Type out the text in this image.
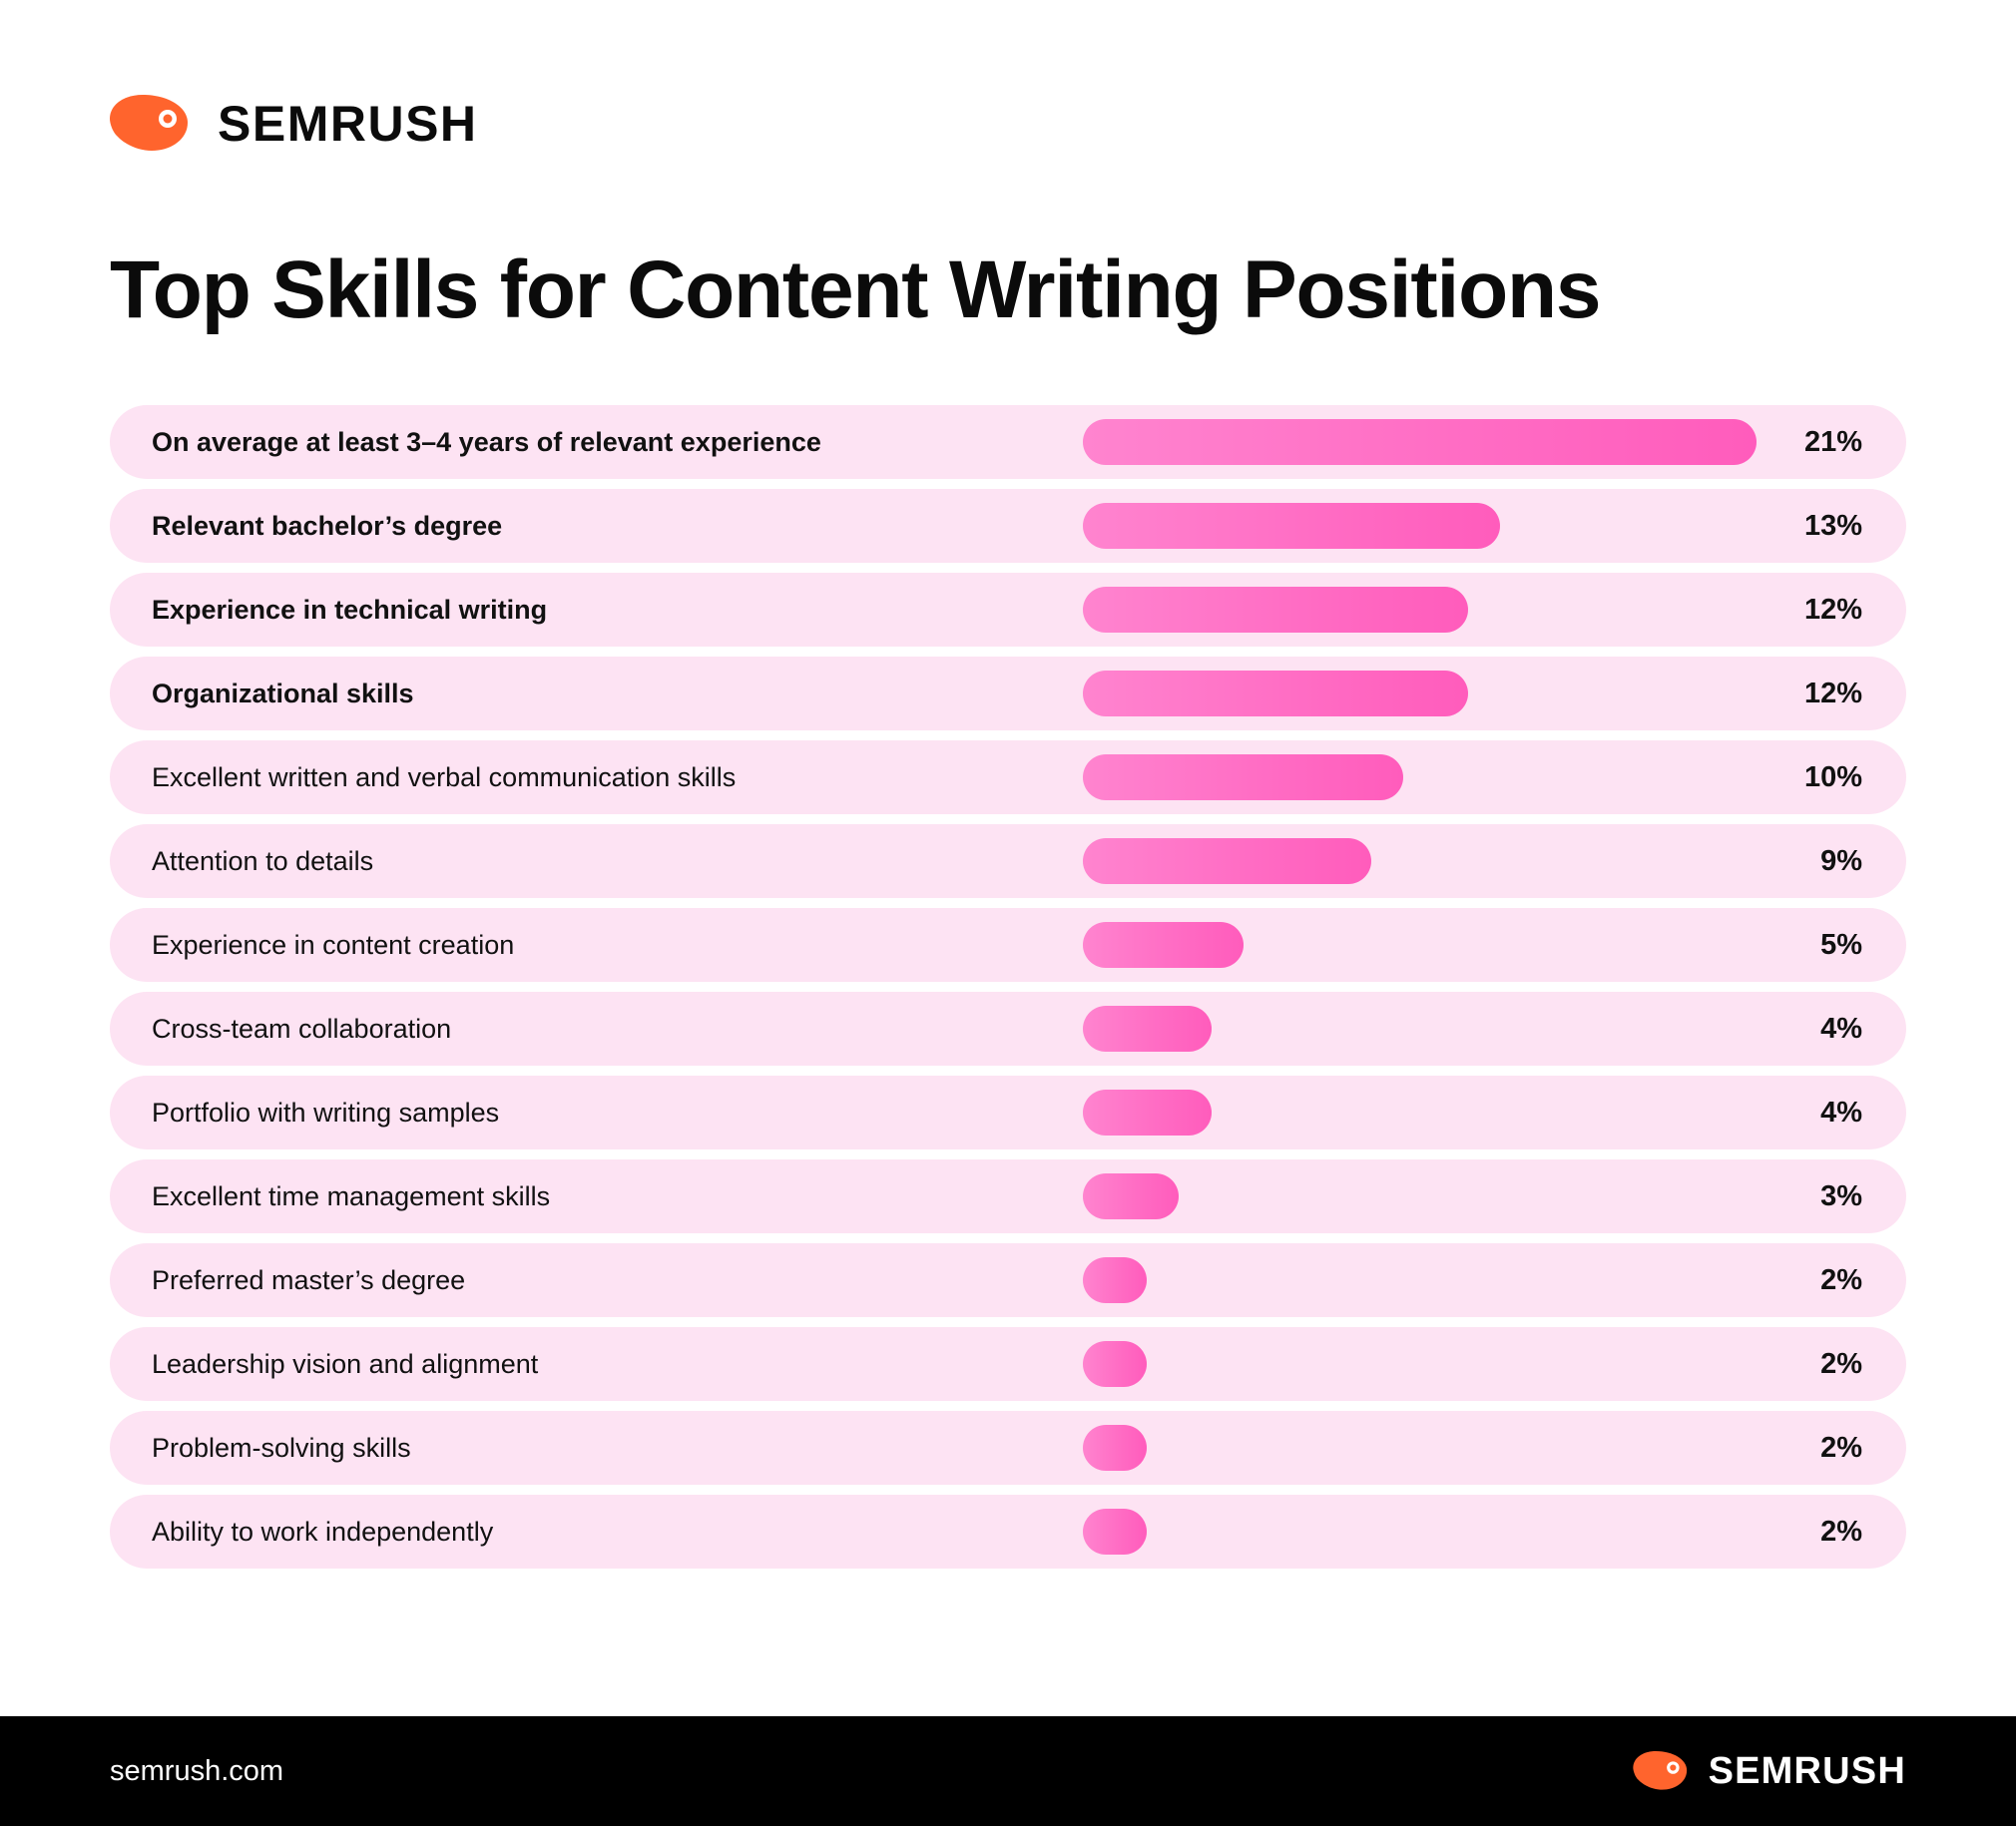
SEMRUSH
Top Skills for Content Writing Positions
On average at least 3–4 years of relevant experience	21%
Relevant bachelor’s degree	13%
Experience in technical writing	12%
Organizational skills	12%
Excellent written and verbal communication skills	10%
Attention to details	9%
Experience in content creation	5%
Cross-team collaboration	4%
Portfolio with writing samples	4%
Excellent time management skills	3%
Preferred master’s degree	2%
Leadership vision and alignment	2%
Problem-solving skills	2%
Ability to work independently	2%
semrush.com	SEMRUSH
